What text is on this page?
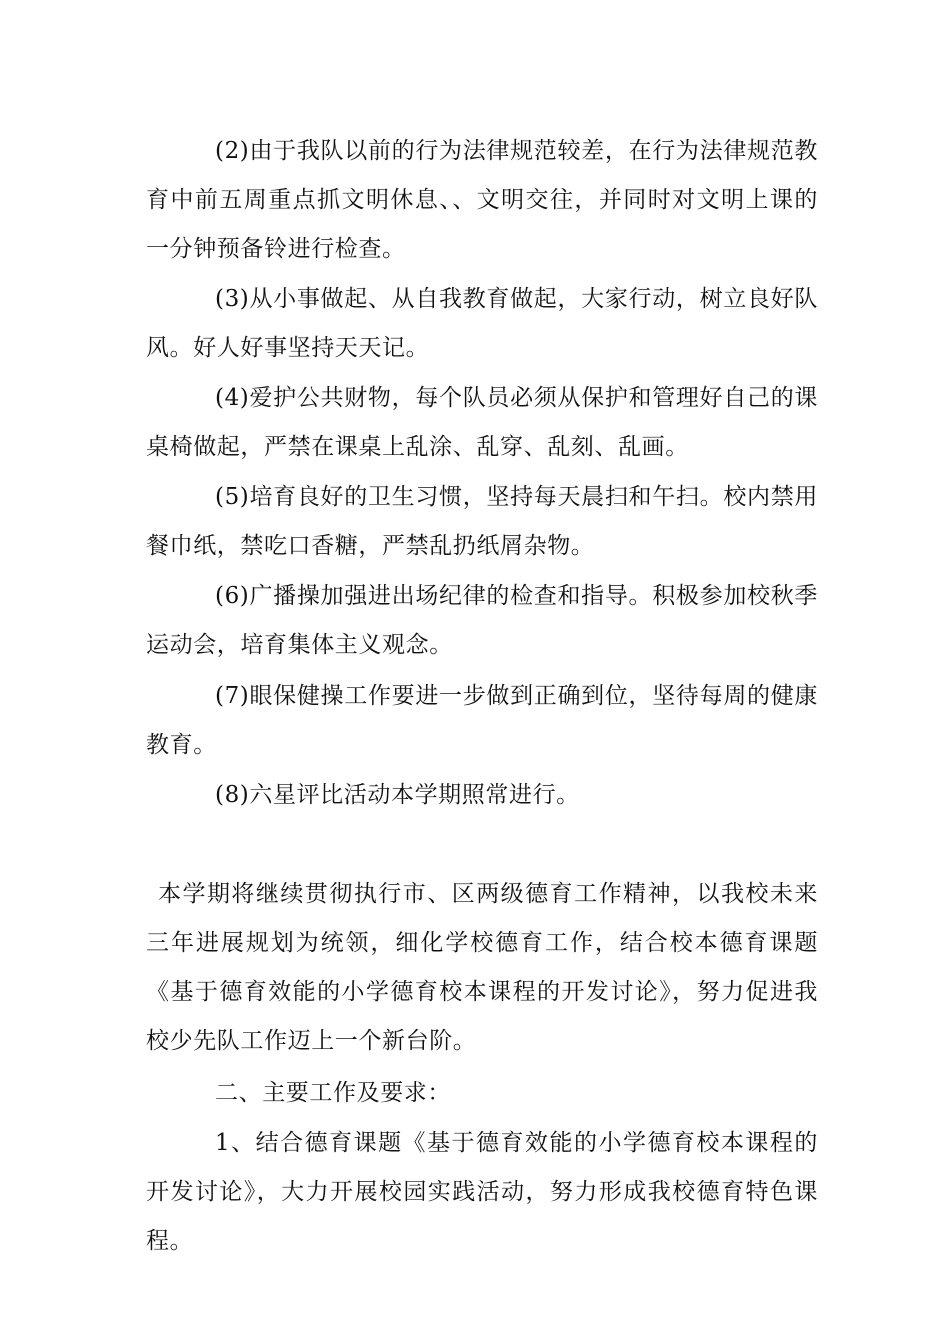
(2)由于我队以前的行为法律规范较差，在行为法律规范教育中前五周重点抓文明休息、、文明交往，并同时对文明上课的一分钟预备铃进行检查。

(3)从小事做起、从自我教育做起，大家行动，树立良好队风。好人好事坚持天天记。

(4)爱护公共财物，每个队员必须从保护和管理好自己的课桌椅做起，严禁在课桌上乱涂、乱穿、乱刻、乱画。

(5)培育良好的卫生习惯，坚持每天晨扫和午扫。校内禁用餐巾纸，禁吃口香糖，严禁乱扔纸屑杂物。

(6)广播操加强进出场纪律的检查和指导。积极参加校秋季运动会，培育集体主义观念。

(7)眼保健操工作要进一步做到正确到位，坚待每周的健康教育。

(8)六星评比活动本学期照常进行。

本学期将继续贯彻执行市、区两级德育工作精神，以我校未来三年进展规划为统领，细化学校德育工作，结合校本德育课题《基于德育效能的小学德育校本课程的开发讨论》，努力促进我校少先队工作迈上一个新台阶。

二、主要工作及要求：

1、结合德育课题《基于德育效能的小学德育校本课程的开发讨论》，大力开展校园实践活动，努力形成我校德育特色课程。
